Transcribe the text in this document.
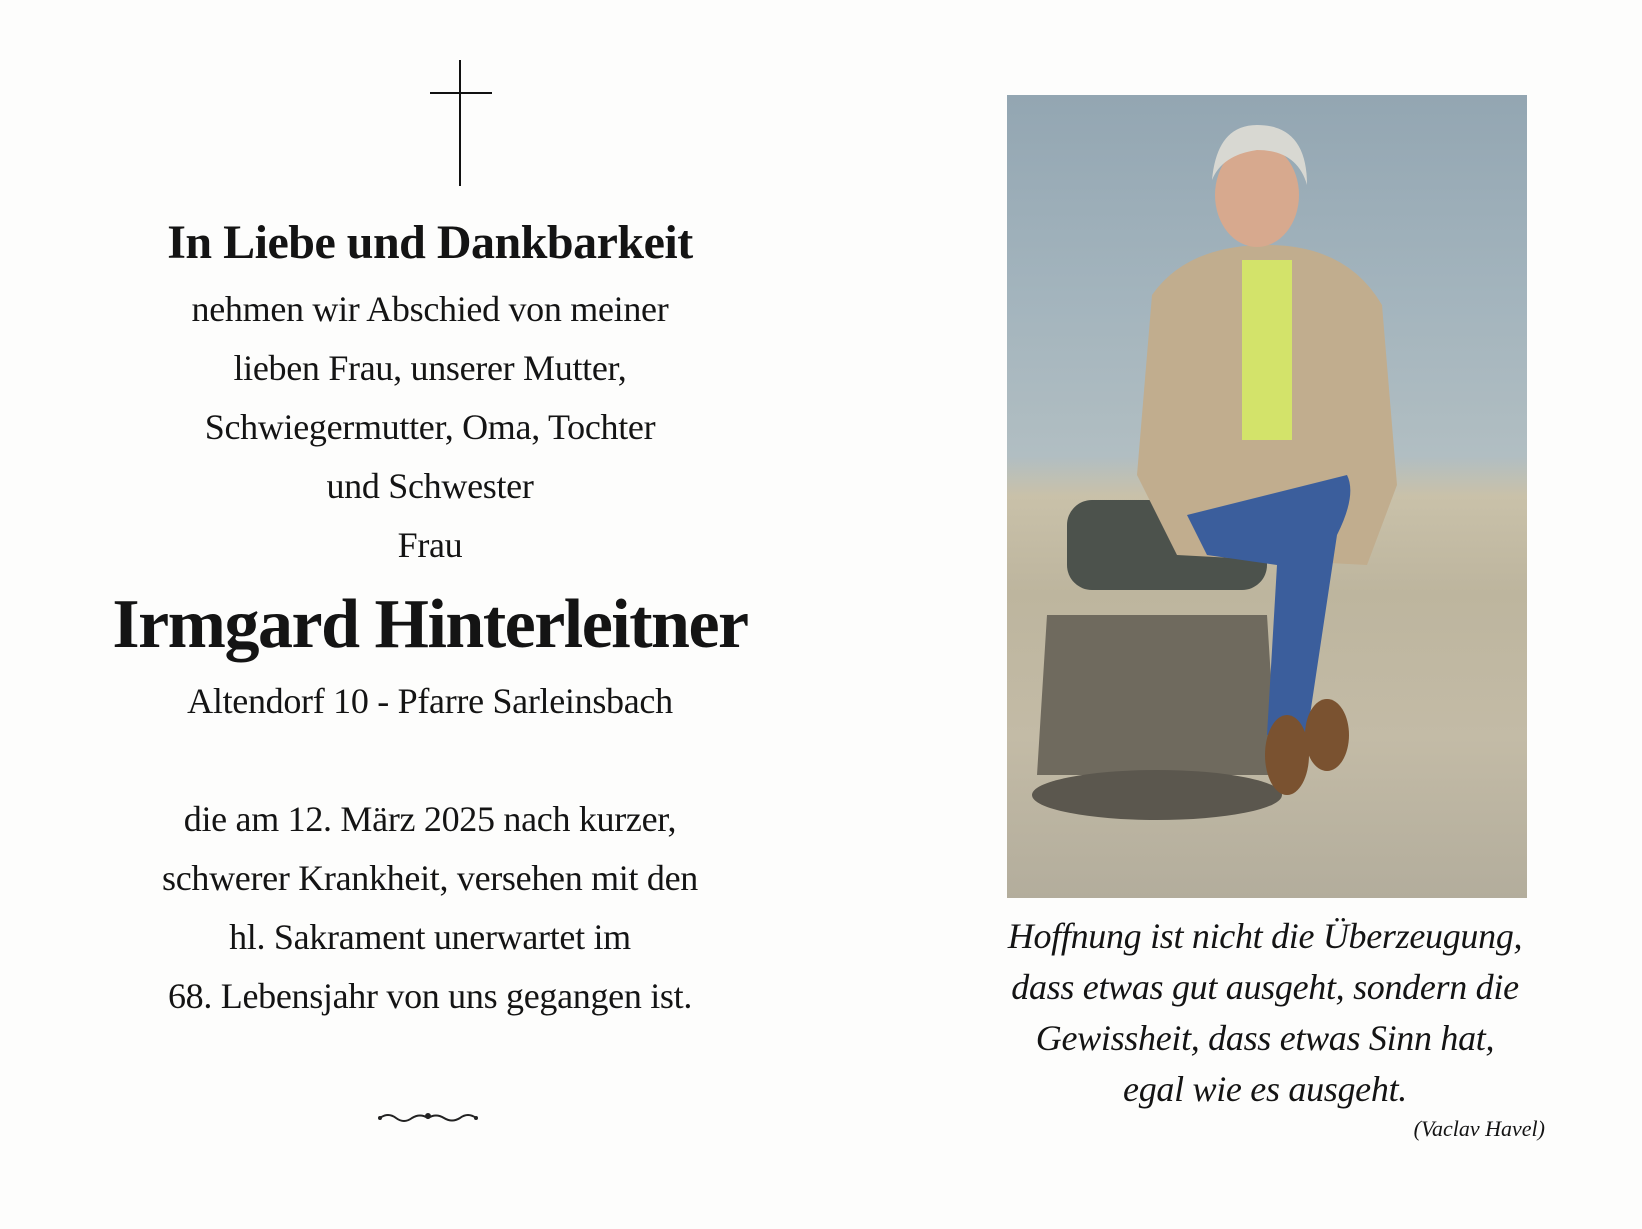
In Liebe und Dankbarkeit
nehmen wir Abschied von meiner
lieben Frau, unserer Mutter,
Schwiegermutter, Oma, Tochter
und Schwester
Frau
Irmgard Hinterleitner
Altendorf 10 - Pfarre Sarleinsbach
die am 12. März 2025 nach kurzer,
schwerer Krankheit, versehen mit den
hl. Sakrament unerwartet im
68. Lebensjahr von uns gegangen ist.
Hoffnung ist nicht die Überzeugung,
dass etwas gut ausgeht, sondern die
Gewissheit, dass etwas Sinn hat,
egal wie es ausgeht.
(Vaclav Havel)
